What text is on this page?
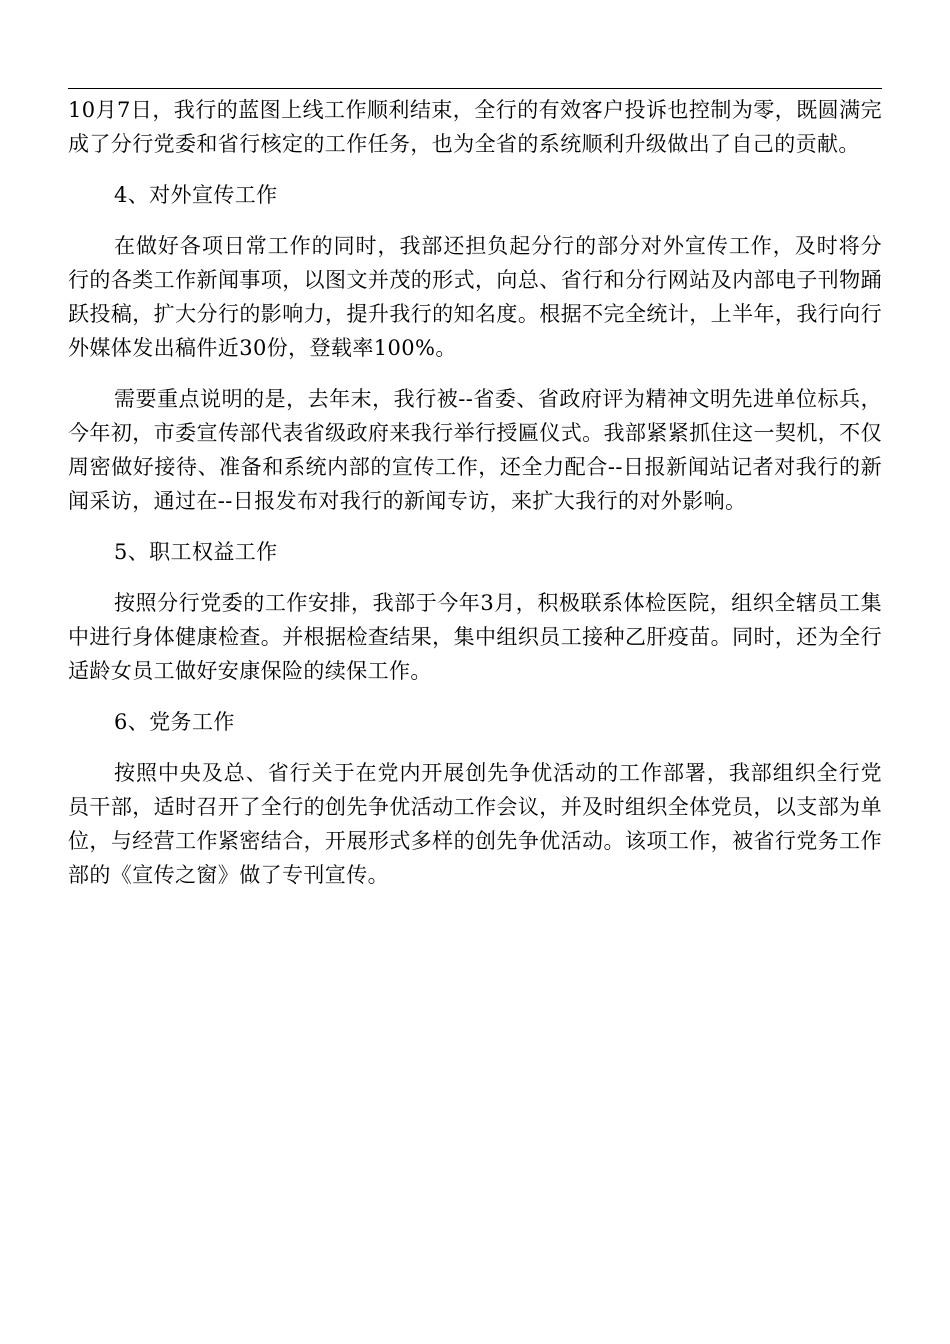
10月7日，我行的蓝图上线工作顺利结束，全行的有效客户投诉也控制为零，既圆满完成了分行党委和省行核定的工作任务，也为全省的系统顺利升级做出了自己的贡献。

4、对外宣传工作

在做好各项日常工作的同时，我部还担负起分行的部分对外宣传工作，及时将分行的各类工作新闻事项，以图文并茂的形式，向总、省行和分行网站及内部电子刊物踊跃投稿，扩大分行的影响力，提升我行的知名度。根据不完全统计，上半年，我行向行外媒体发出稿件近30份，登载率100%。

需要重点说明的是，去年末，我行被--省委、省政府评为精神文明先进单位标兵，今年初，市委宣传部代表省级政府来我行举行授匾仪式。我部紧紧抓住这一契机，不仅周密做好接待、准备和系统内部的宣传工作，还全力配合--日报新闻站记者对我行的新闻采访，通过在--日报发布对我行的新闻专访，来扩大我行的对外影响。

5、职工权益工作

按照分行党委的工作安排，我部于今年3月，积极联系体检医院，组织全辖员工集中进行身体健康检查。并根据检查结果，集中组织员工接种乙肝疫苗。同时，还为全行适龄女员工做好安康保险的续保工作。

6、党务工作

按照中央及总、省行关于在党内开展创先争优活动的工作部署，我部组织全行党员干部，适时召开了全行的创先争优活动工作会议，并及时组织全体党员，以支部为单位，与经营工作紧密结合，开展形式多样的创先争优活动。该项工作，被省行党务工作部的《宣传之窗》做了专刊宣传。
